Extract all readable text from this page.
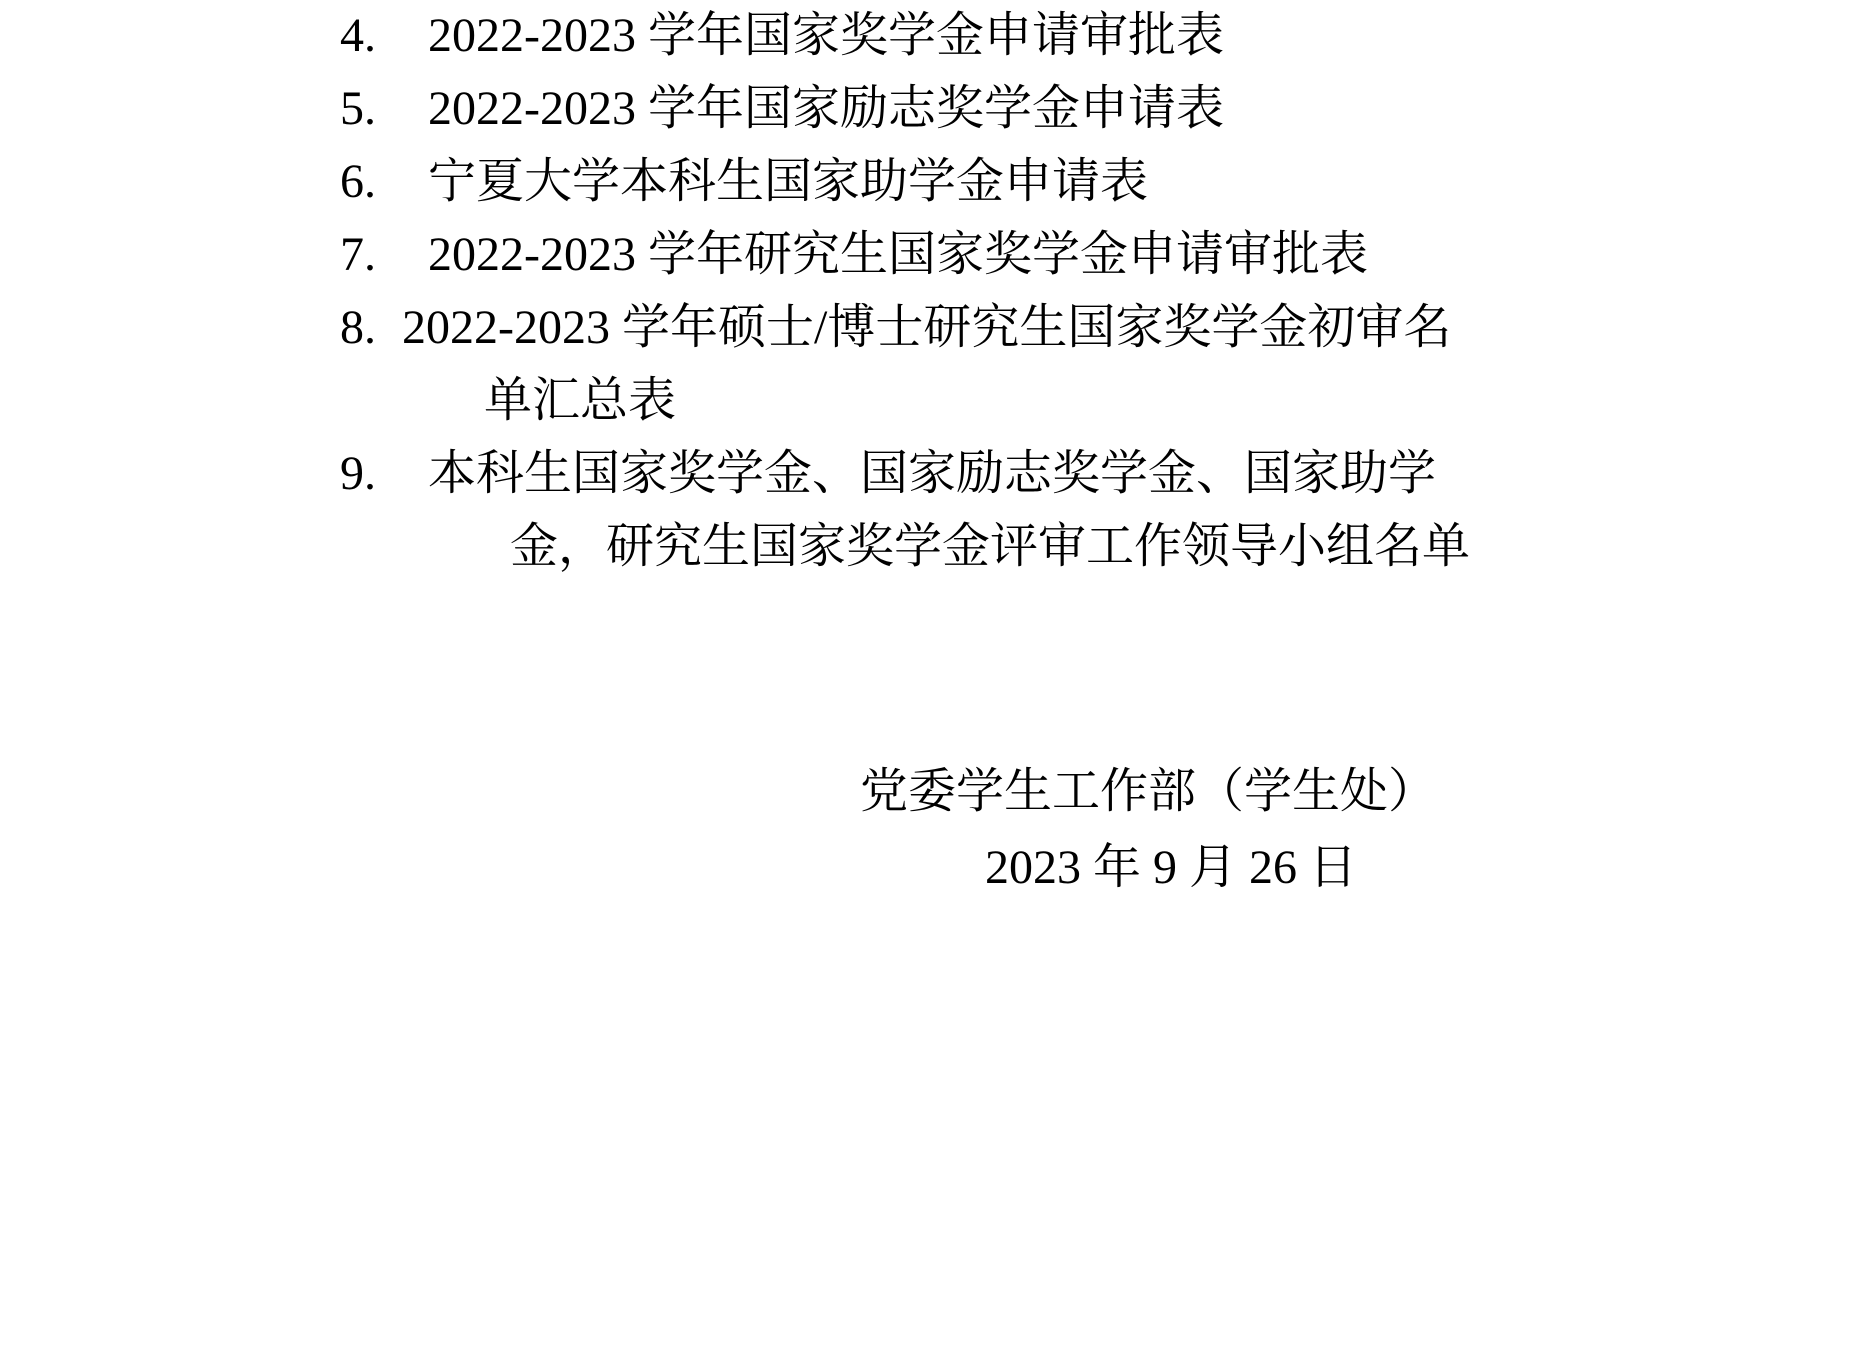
4.	2022-2023 学年国家奖学金申请审批表
5.	2022-2023 学年国家励志奖学金申请表
6.	宁夏大学本科生国家助学金申请表
7.	2022-2023 学年研究生国家奖学金申请审批表
8. 2022-2023 学年硕士/博士研究生国家奖学金初审名
单汇总表
9.	本科生国家奖学金、国家励志奖学金、国家助学
金，研究生国家奖学金评审工作领导小组名单
党委学生工作部（学生处）
2023 年 9 月 26 日
